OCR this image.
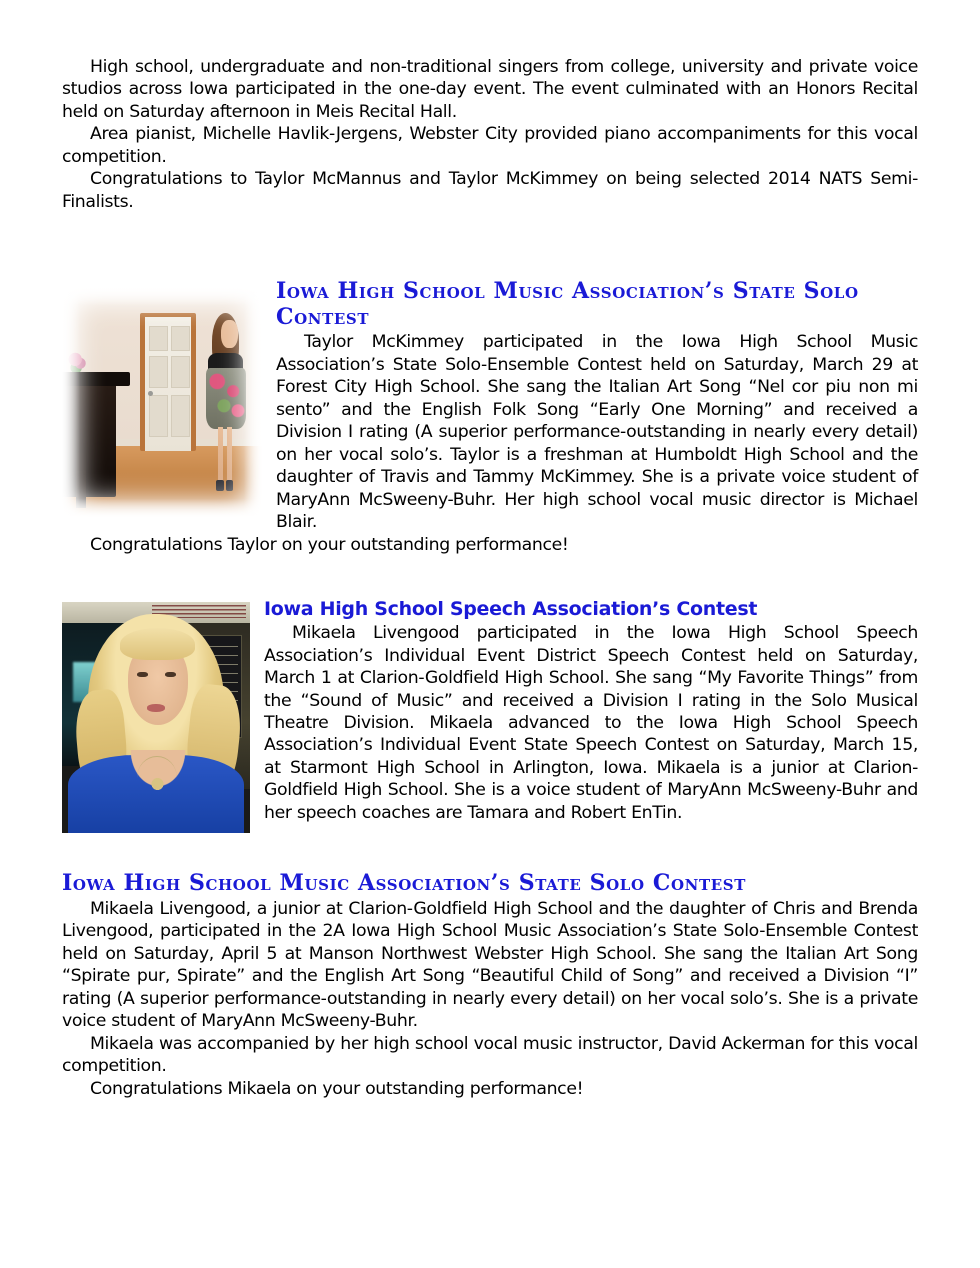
High school, undergraduate and non-traditional singers from college, university and private voice studios across Iowa participated in the one-day event. The event culminated with an Honors Recital held on Saturday afternoon in Meis Recital Hall.

Area pianist, Michelle Havlik-Jergens, Webster City provided piano accompaniments for this vocal competition.

Congratulations to Taylor McMannus and Taylor McKimmey on being selected 2014 NATS Semi-Finalists.

Iowa High School Music Association’s State Solo Contest

Taylor McKimmey participated in the Iowa High School Music Association’s State Solo-Ensemble Contest held on Saturday, March 29 at Forest City High School. She sang the Italian Art Song “Nel cor piu non mi sento” and the English Folk Song “Early One Morning” and received a Division I rating (A superior performance-outstanding in nearly every detail) on her vocal solo’s. Taylor is a freshman at Humboldt High School and the daughter of Travis and Tammy McKimmey. She is a private voice student of MaryAnn McSweeny-Buhr. Her high school vocal music director is Michael Blair.

Congratulations Taylor on your outstanding performance!

Iowa High School Speech Association’s Contest

Mikaela Livengood participated in the Iowa High School Speech Association’s Individual Event District Speech Contest held on Saturday, March 1 at Clarion-Goldfield High School. She sang “My Favorite Things” from the “Sound of Music” and received a Division I rating in the Solo Musical Theatre Division. Mikaela advanced to the Iowa High School Speech Association’s Individual Event State Speech Contest on Saturday, March 15, at Starmont High School in Arlington, Iowa. Mikaela is a junior at Clarion-Goldfield High School. She is a voice student of MaryAnn McSweeny-Buhr and her speech coaches are Tamara and Robert EnTin.

Iowa High School Music Association’s State Solo Contest

Mikaela Livengood, a junior at Clarion-Goldfield High School and the daughter of Chris and Brenda Livengood, participated in the 2A Iowa High School Music Association’s State Solo-Ensemble Contest held on Saturday, April 5 at Manson Northwest Webster High School. She sang the Italian Art Song “Spirate pur, Spirate” and the English Art Song “Beautiful Child of Song” and received a Division “I” rating (A superior performance-outstanding in nearly every detail) on her vocal solo’s. She is a private voice student of MaryAnn McSweeny-Buhr.

Mikaela was accompanied by her high school vocal music instructor, David Ackerman for this vocal competition.

Congratulations Mikaela on your outstanding performance!
